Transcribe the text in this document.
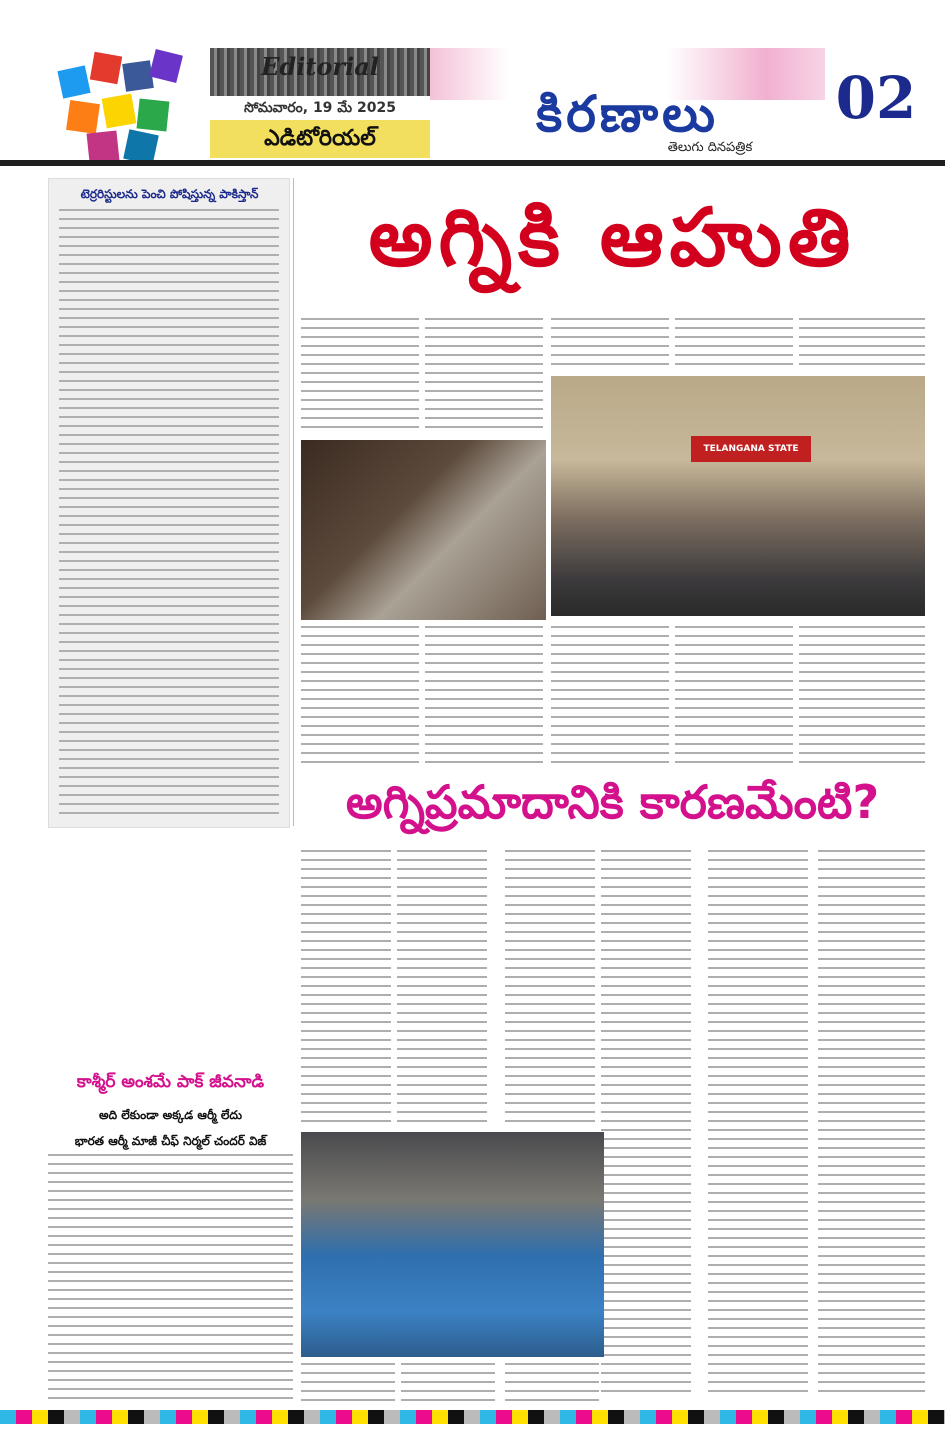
Editorial
సోమవారం, 19 మే 2025
ఎడిటోరియల్	కిరణాలు
తెలుగు దినపత్రిక
02
టెర్రరిస్టులను పెంచి పోషిస్తున్న పాకిస్తాన్	అగ్నికి ఆహుతి
TELANGANA STATE
అగ్నిప్రమాదానికి కారణమేంటి?
కాశ్మీర్ అంశమే పాక్ జీవనాడి
అది లేకుండా అక్కడ ఆర్మీ లేదు
భారత ఆర్మీ మాజీ చీఫ్ నిర్మల్ చందర్ విజ్
